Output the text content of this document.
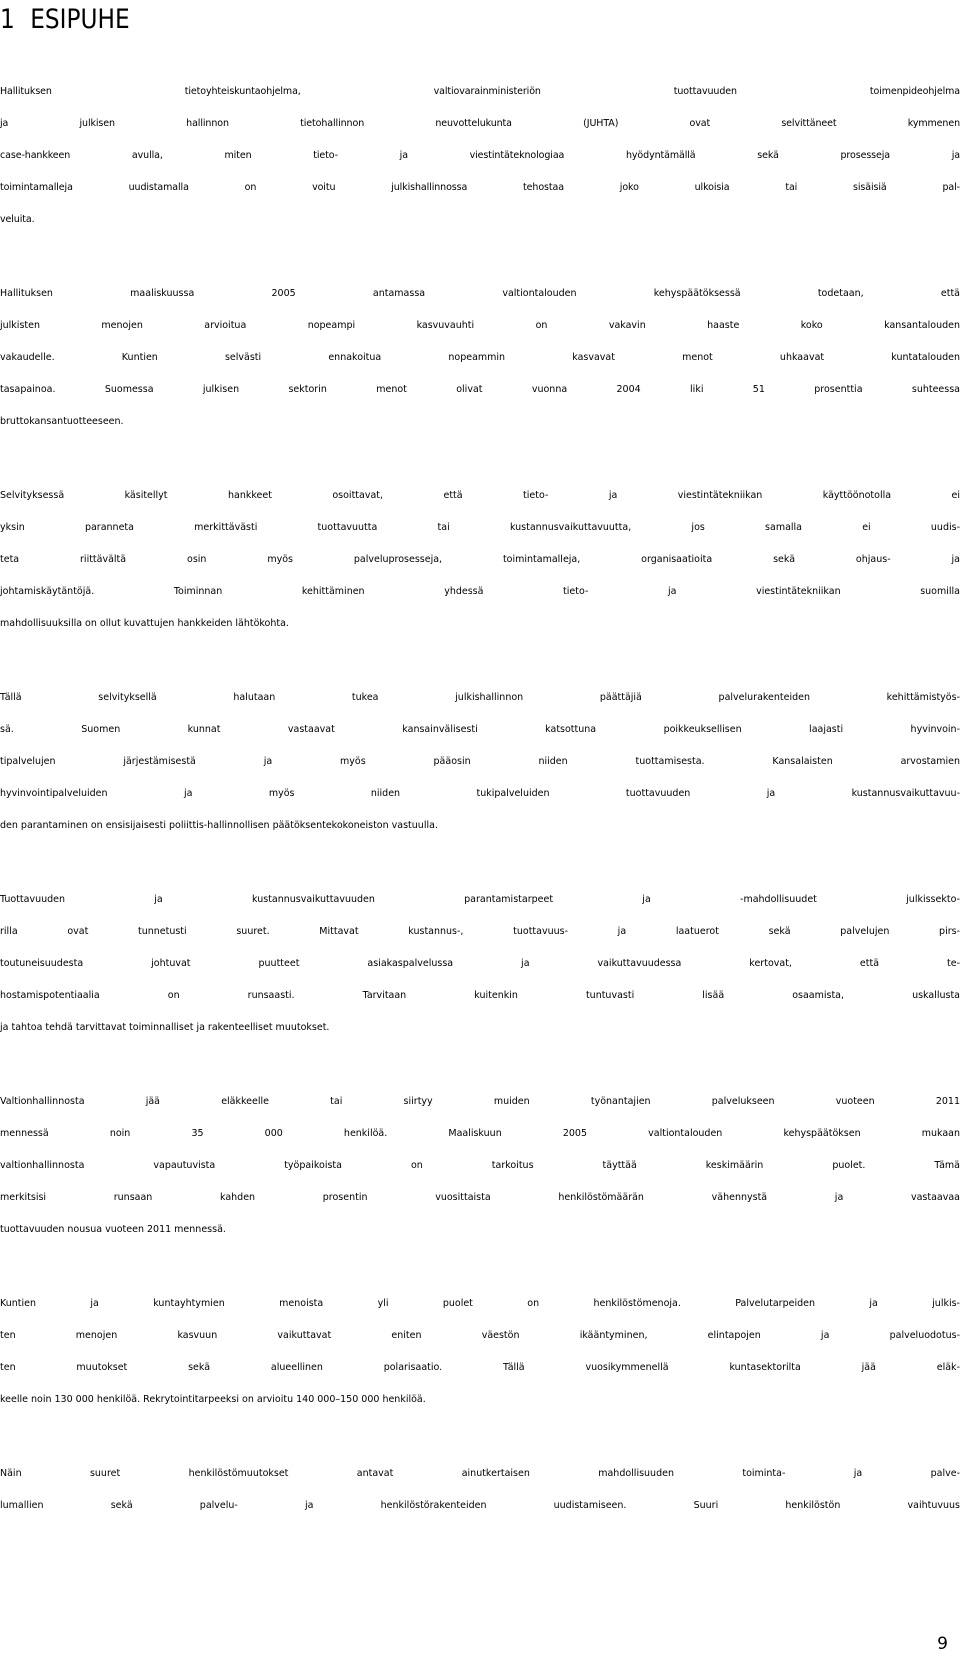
1 ESIPUHE

Hallituksen tietoyhteiskuntaohjelma, valtiovarainministeriön tuottavuuden toimenpideohjelma
ja julkisen hallinnon tietohallinnon neuvottelukunta (JUHTA) ovat selvittäneet kymmenen
case-hankkeen avulla, miten tieto- ja viestintäteknologiaa hyödyntämällä sekä prosesseja ja
toimintamalleja uudistamalla on voitu julkishallinnossa tehostaa joko ulkoisia tai sisäisiä pal-
veluita.

Hallituksen maaliskuussa 2005 antamassa valtiontalouden kehyspäätöksessä todetaan, että
julkisten menojen arvioitua nopeampi kasvuvauhti on vakavin haaste koko kansantalouden
vakaudelle. Kuntien selvästi ennakoitua nopeammin kasvavat menot uhkaavat kuntatalouden
tasapainoa. Suomessa julkisen sektorin menot olivat vuonna 2004 liki 51 prosenttia suhteessa
bruttokansantuotteeseen.

Selvityksessä käsitellyt hankkeet osoittavat, että tieto- ja viestintätekniikan käyttöönotolla ei
yksin paranneta merkittävästi tuottavuutta tai kustannusvaikuttavuutta, jos samalla ei uudis-
teta riittävältä osin myös palveluprosesseja, toimintamalleja, organisaatioita sekä ohjaus- ja
johtamiskäytäntöjä. Toiminnan kehittäminen yhdessä tieto- ja viestintätekniikan suomilla
mahdollisuuksilla on ollut kuvattujen hankkeiden lähtökohta.

Tällä selvityksellä halutaan tukea julkishallinnon päättäjiä palvelurakenteiden kehittämistyös-
sä. Suomen kunnat vastaavat kansainvälisesti katsottuna poikkeuksellisen laajasti hyvinvoin-
tipalvelujen järjestämisestä ja myös pääosin niiden tuottamisesta. Kansalaisten arvostamien
hyvinvointipalveluiden ja myös niiden tukipalveluiden tuottavuuden ja kustannusvaikuttavuu-
den parantaminen on ensisijaisesti poliittis-hallinnollisen päätöksentekokoneiston vastuulla.

Tuottavuuden ja kustannusvaikuttavuuden parantamistarpeet ja -mahdollisuudet julkissekto-
rilla ovat tunnetusti suuret. Mittavat kustannus-, tuottavuus- ja laatuerot sekä palvelujen pirs-
toutuneisuudesta johtuvat puutteet asiakaspalvelussa ja vaikuttavuudessa kertovat, että te-
hostamispotentiaalia on runsaasti. Tarvitaan kuitenkin tuntuvasti lisää osaamista, uskallusta
ja tahtoa tehdä tarvittavat toiminnalliset ja rakenteelliset muutokset.

Valtionhallinnosta jää eläkkeelle tai siirtyy muiden työnantajien palvelukseen vuoteen 2011
mennessä noin 35 000 henkilöä. Maaliskuun 2005 valtiontalouden kehyspäätöksen mukaan
valtionhallinnosta vapautuvista työpaikoista on tarkoitus täyttää keskimäärin puolet. Tämä
merkitsisi runsaan kahden prosentin vuosittaista henkilöstömäärän vähennystä ja vastaavaa
tuottavuuden nousua vuoteen 2011 mennessä.

Kuntien ja kuntayhtymien menoista yli puolet on henkilöstömenoja. Palvelutarpeiden ja julkis-
ten menojen kasvuun vaikuttavat eniten väestön ikääntyminen, elintapojen ja palveluodotus-
ten muutokset sekä alueellinen polarisaatio. Tällä vuosikymmenellä kuntasektorilta jää eläk-
keelle noin 130 000 henkilöä. Rekrytointitarpeeksi on arvioitu 140 000–150 000 henkilöä.

Näin suuret henkilöstömuutokset antavat ainutkertaisen mahdollisuuden toiminta- ja palve-
lumallien sekä palvelu- ja henkilöstörakenteiden uudistamiseen. Suuri henkilöstön vaihtuvuus

9
